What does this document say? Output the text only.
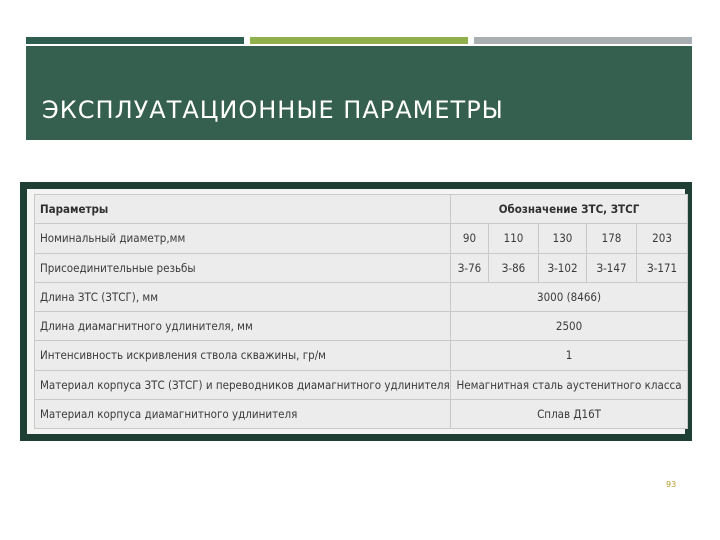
ЭКСПЛУАТАЦИОННЫЕ ПАРАМЕТРЫ
Параметры	Обозначение ЗТС, ЗТСГ				
Номинальный диаметр,мм	90	110	130	178	203
Присоединительные резьбы	З-76	З-86	З-102	З-147	З-171
Длина ЗТС (ЗТСГ), мм	3000 (8466)				
Длина диамагнитного удлинителя, мм	2500				
Интенсивность искривления ствола скважины, гр/м	1				
Материал корпуса ЗТС (ЗТСГ) и переводников диамагнитного удлинителя	Немагнитная сталь аустенитного класса				
Материал корпуса диамагнитного удлинителя	Сплав Д16Т				
93
